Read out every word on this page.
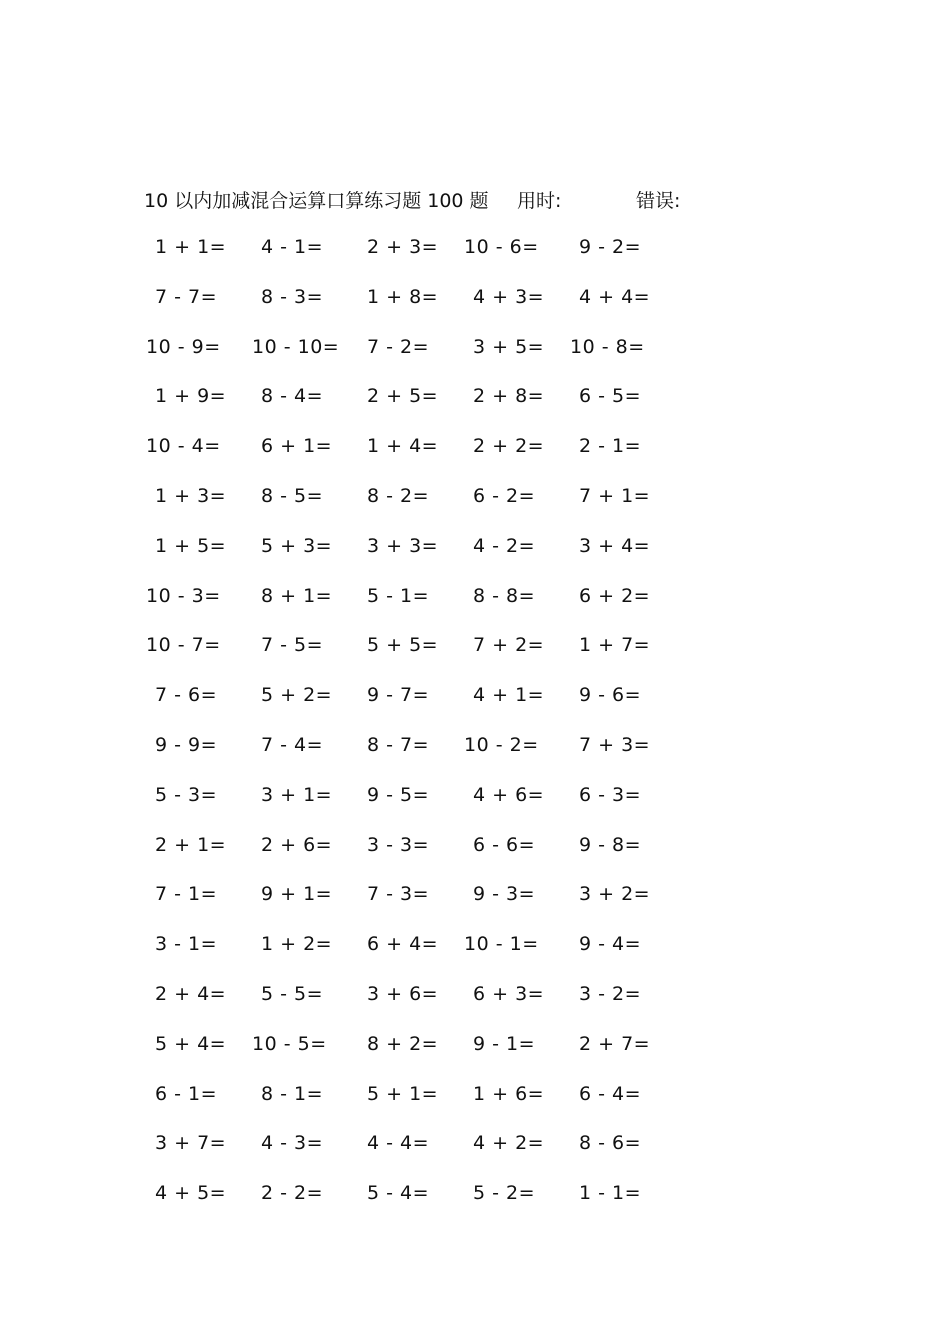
10 以内加减混合运算口算练习题 100 题 用时:	错误:
1 + 1= 4 - 1= 2 + 3= 10 - 6= 9 - 2=
7 - 7= 8 - 3= 1 + 8= 4 + 3= 4 + 4=
10 - 9= 10 - 10= 7 - 2= 3 + 5= 10 - 8=
1 + 9= 8 - 4= 2 + 5= 2 + 8= 6 - 5=
10 - 4= 6 + 1= 1 + 4= 2 + 2= 2 - 1=
1 + 3= 8 - 5= 8 - 2= 6 - 2= 7 + 1=
1 + 5= 5 + 3= 3 + 3= 4 - 2= 3 + 4=
10 - 3= 8 + 1= 5 - 1= 8 - 8= 6 + 2=
10 - 7= 7 - 5= 5 + 5= 7 + 2= 1 + 7=
7 - 6= 5 + 2= 9 - 7= 4 + 1= 9 - 6=
9 - 9= 7 - 4= 8 - 7= 10 - 2= 7 + 3=
5 - 3= 3 + 1= 9 - 5= 4 + 6= 6 - 3=
2 + 1= 2 + 6= 3 - 3= 6 - 6= 9 - 8=
7 - 1= 9 + 1= 7 - 3= 9 - 3= 3 + 2=
3 - 1= 1 + 2= 6 + 4= 10 - 1= 9 - 4=
2 + 4= 5 - 5= 3 + 6= 6 + 3= 3 - 2=
5 + 4= 10 - 5= 8 + 2= 9 - 1= 2 + 7=
6 - 1= 8 - 1= 5 + 1= 1 + 6= 6 - 4=
3 + 7= 4 - 3= 4 - 4= 4 + 2= 8 - 6=
4 + 5= 2 - 2= 5 - 4= 5 - 2= 1 - 1=
